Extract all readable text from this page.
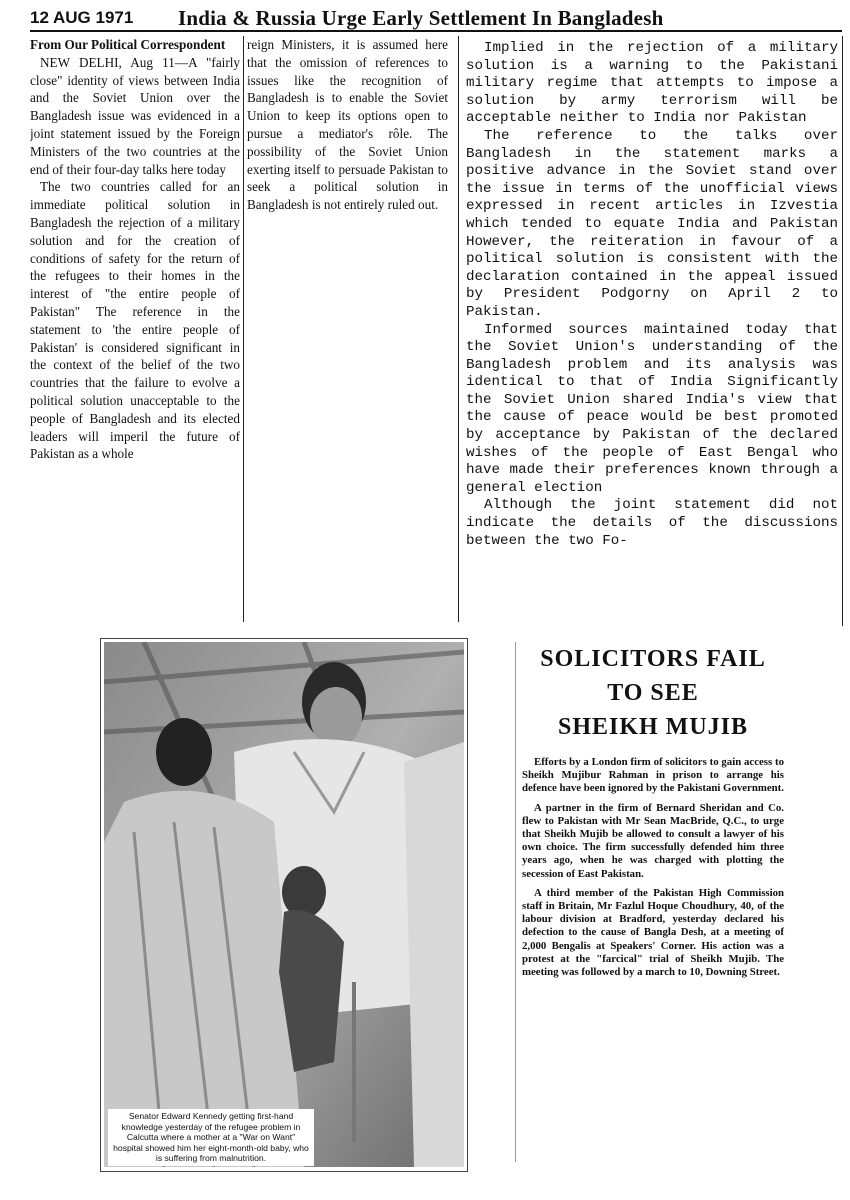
12 AUG 1971	India & Russia Urge Early Settlement In Bangladesh

From Our Political Correspondent

NEW DELHI, Aug 11—A "fairly close" identity of views between India and the Soviet Union over the Bangladesh issue was evidenced in a joint statement issued by the Foreign Ministers of the two countries at the end of their four-day talks here today

The two countries called for an immediate political solution in Bangladesh the rejection of a military solution and for the creation of conditions of safety for the return of the refugees to their homes in the interest of "the entire people of Pakistan" The reference in the statement to 'the entire people of Pakistan' is considered significant in the context of the belief of the two countries that the failure to evolve a political solution unacceptable to the people of Bangladesh and its elected leaders will imperil the future of Pakistan as a whole

reign Ministers, it is assumed here that the omission of references to issues like the recognition of Bangladesh is to enable the Soviet Union to keep its options open to pursue a mediator's rôle. The possibility of the Soviet Union exerting itself to persuade Pakistan to seek a political solution in Bangladesh is not entirely ruled out.

Implied in the rejection of a military solution is a warning to the Pakistani military regime that attempts to impose a solution by army terrorism will be acceptable neither to India nor Pakistan

The reference to the talks over Bangladesh in the statement marks a positive advance in the Soviet stand over the issue in terms of the unofficial views expressed in recent articles in Izvestia which tended to equate India and Pakistan However, the reiteration in favour of a political solution is consistent with the declaration contained in the appeal issued by President Podgorny on April 2 to Pakistan.

Informed sources maintained today that the Soviet Union's understanding of the Bangladesh problem and its analysis was identical to that of India Significantly the Soviet Union shared India's view that the cause of peace would be best promoted by acceptance by Pakistan of the declared wishes of the people of East Bengal who have made their preferences known through a general election

Although the joint statement did not indicate the details of the discussions between the two Fo-

Senator Edward Kennedy getting first-hand knowledge yesterday of the refugee problem in Calcutta where a mother at a "War on Want" hospital showed him her eight-month-old baby, who is suffering from malnutrition.
SOLICITORS FAIL
TO SEE
SHEIKH MUJIB

Efforts by a London firm of solicitors to gain access to Sheikh Mujibur Rahman in prison to arrange his defence have been ignored by the Pakistani Government.

A partner in the firm of Bernard Sheridan and Co. flew to Pakistan with Mr Sean MacBride, Q.C., to urge that Sheikh Mujib be allowed to consult a lawyer of his own choice. The firm successfully defended him three years ago, when he was charged with plotting the secession of East Pakistan.

A third member of the Pakistan High Commission staff in Britain, Mr Fazlul Hoque Choudhury, 40, of the labour division at Bradford, yesterday declared his defection to the cause of Bangla Desh, at a meeting of 2,000 Bengalis at Speakers' Corner. His action was a protest at the "farcical" trial of Sheikh Mujib. The meeting was followed by a march to 10, Downing Street.
